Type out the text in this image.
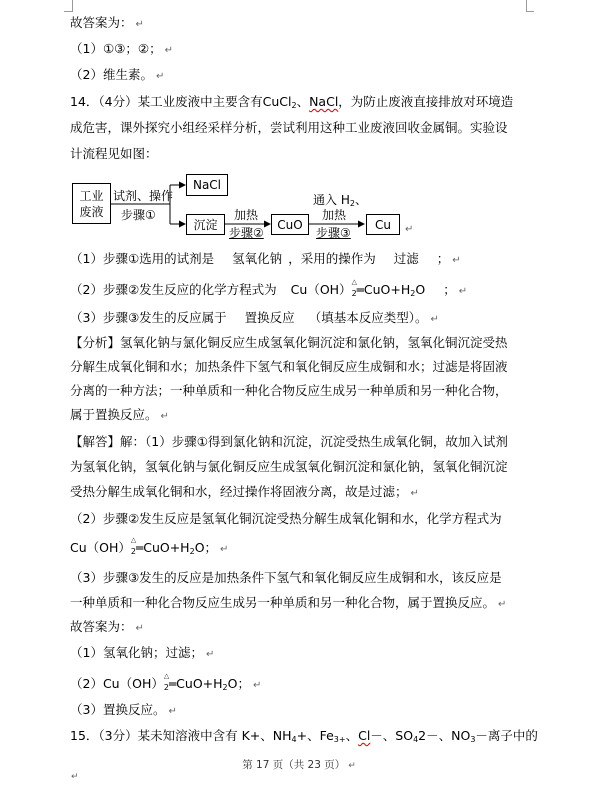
故答案为： ↵
（1）①③；②； ↵
（2）维生素。 ↵
14．（4分）某工业废液中主要含有CuCl$_2$、NaCl，为防止废液直接排放对环境造
成危害，课外探究小组经采样分析，尝试利用这种工业废液回收金属铜。实验设
计流程见如图：
工业
废液
试剂、操作
步骤①
NaCl
沉淀
加热
步骤②
CuO
通入 $H_2$、
加热
步骤③
Cu	↵
（1）步骤①选用的试剂是 氢氧化钠 ，采用的操作为 过滤 ； ↵
（2）步骤②发生反应的化学方程式为 Cu（OH） △
$_2═CuO+H_2O$ ； ↵
（3）步骤③发生的反应属于 置换反应 （填基本反应类型）。 ↵
【分析】氢氧化钠与氯化铜反应生成氢氧化铜沉淀和氯化钠，氢氧化铜沉淀受热
分解生成氧化铜和水；加热条件下氢气和氧化铜反应生成铜和水；过滤是将固液
分离的一种方法；一种单质和一种化合物反应生成另一种单质和另一种化合物，
属于置换反应。 ↵
【解答】解：（1）步骤①得到氯化钠和沉淀，沉淀受热生成氧化铜，故加入试剂
为氢氧化钠，氢氧化钠与氯化铜反应生成氢氧化铜沉淀和氯化钠，氢氧化铜沉淀
受热分解生成氧化铜和水，经过操作将固液分离，故是过滤； ↵
（2）步骤②发生反应是氢氧化铜沉淀受热分解生成氧化铜和水，化学方程式为
Cu（OH） △
$_2═CuO+H_2O$； ↵
（3）步骤③发生的反应是加热条件下氢气和氧化铜反应生成铜和水，该反应是
一种单质和一种化合物反应生成另一种单质和另一种化合物，属于置换反应。 ↵
故答案为： ↵
（1）氢氧化钠；过滤； ↵
（2）Cu（OH） △
$_2═CuO+H_2O$； ↵
（3）置换反应。 ↵
15．（3分）某未知溶液中含有 K+、$NH_4+$、$Fe_{3+}$、Cl－、$SO_42-$、$NO_3-$离子中的
第 17 页（共 23 页） ↵
↵
